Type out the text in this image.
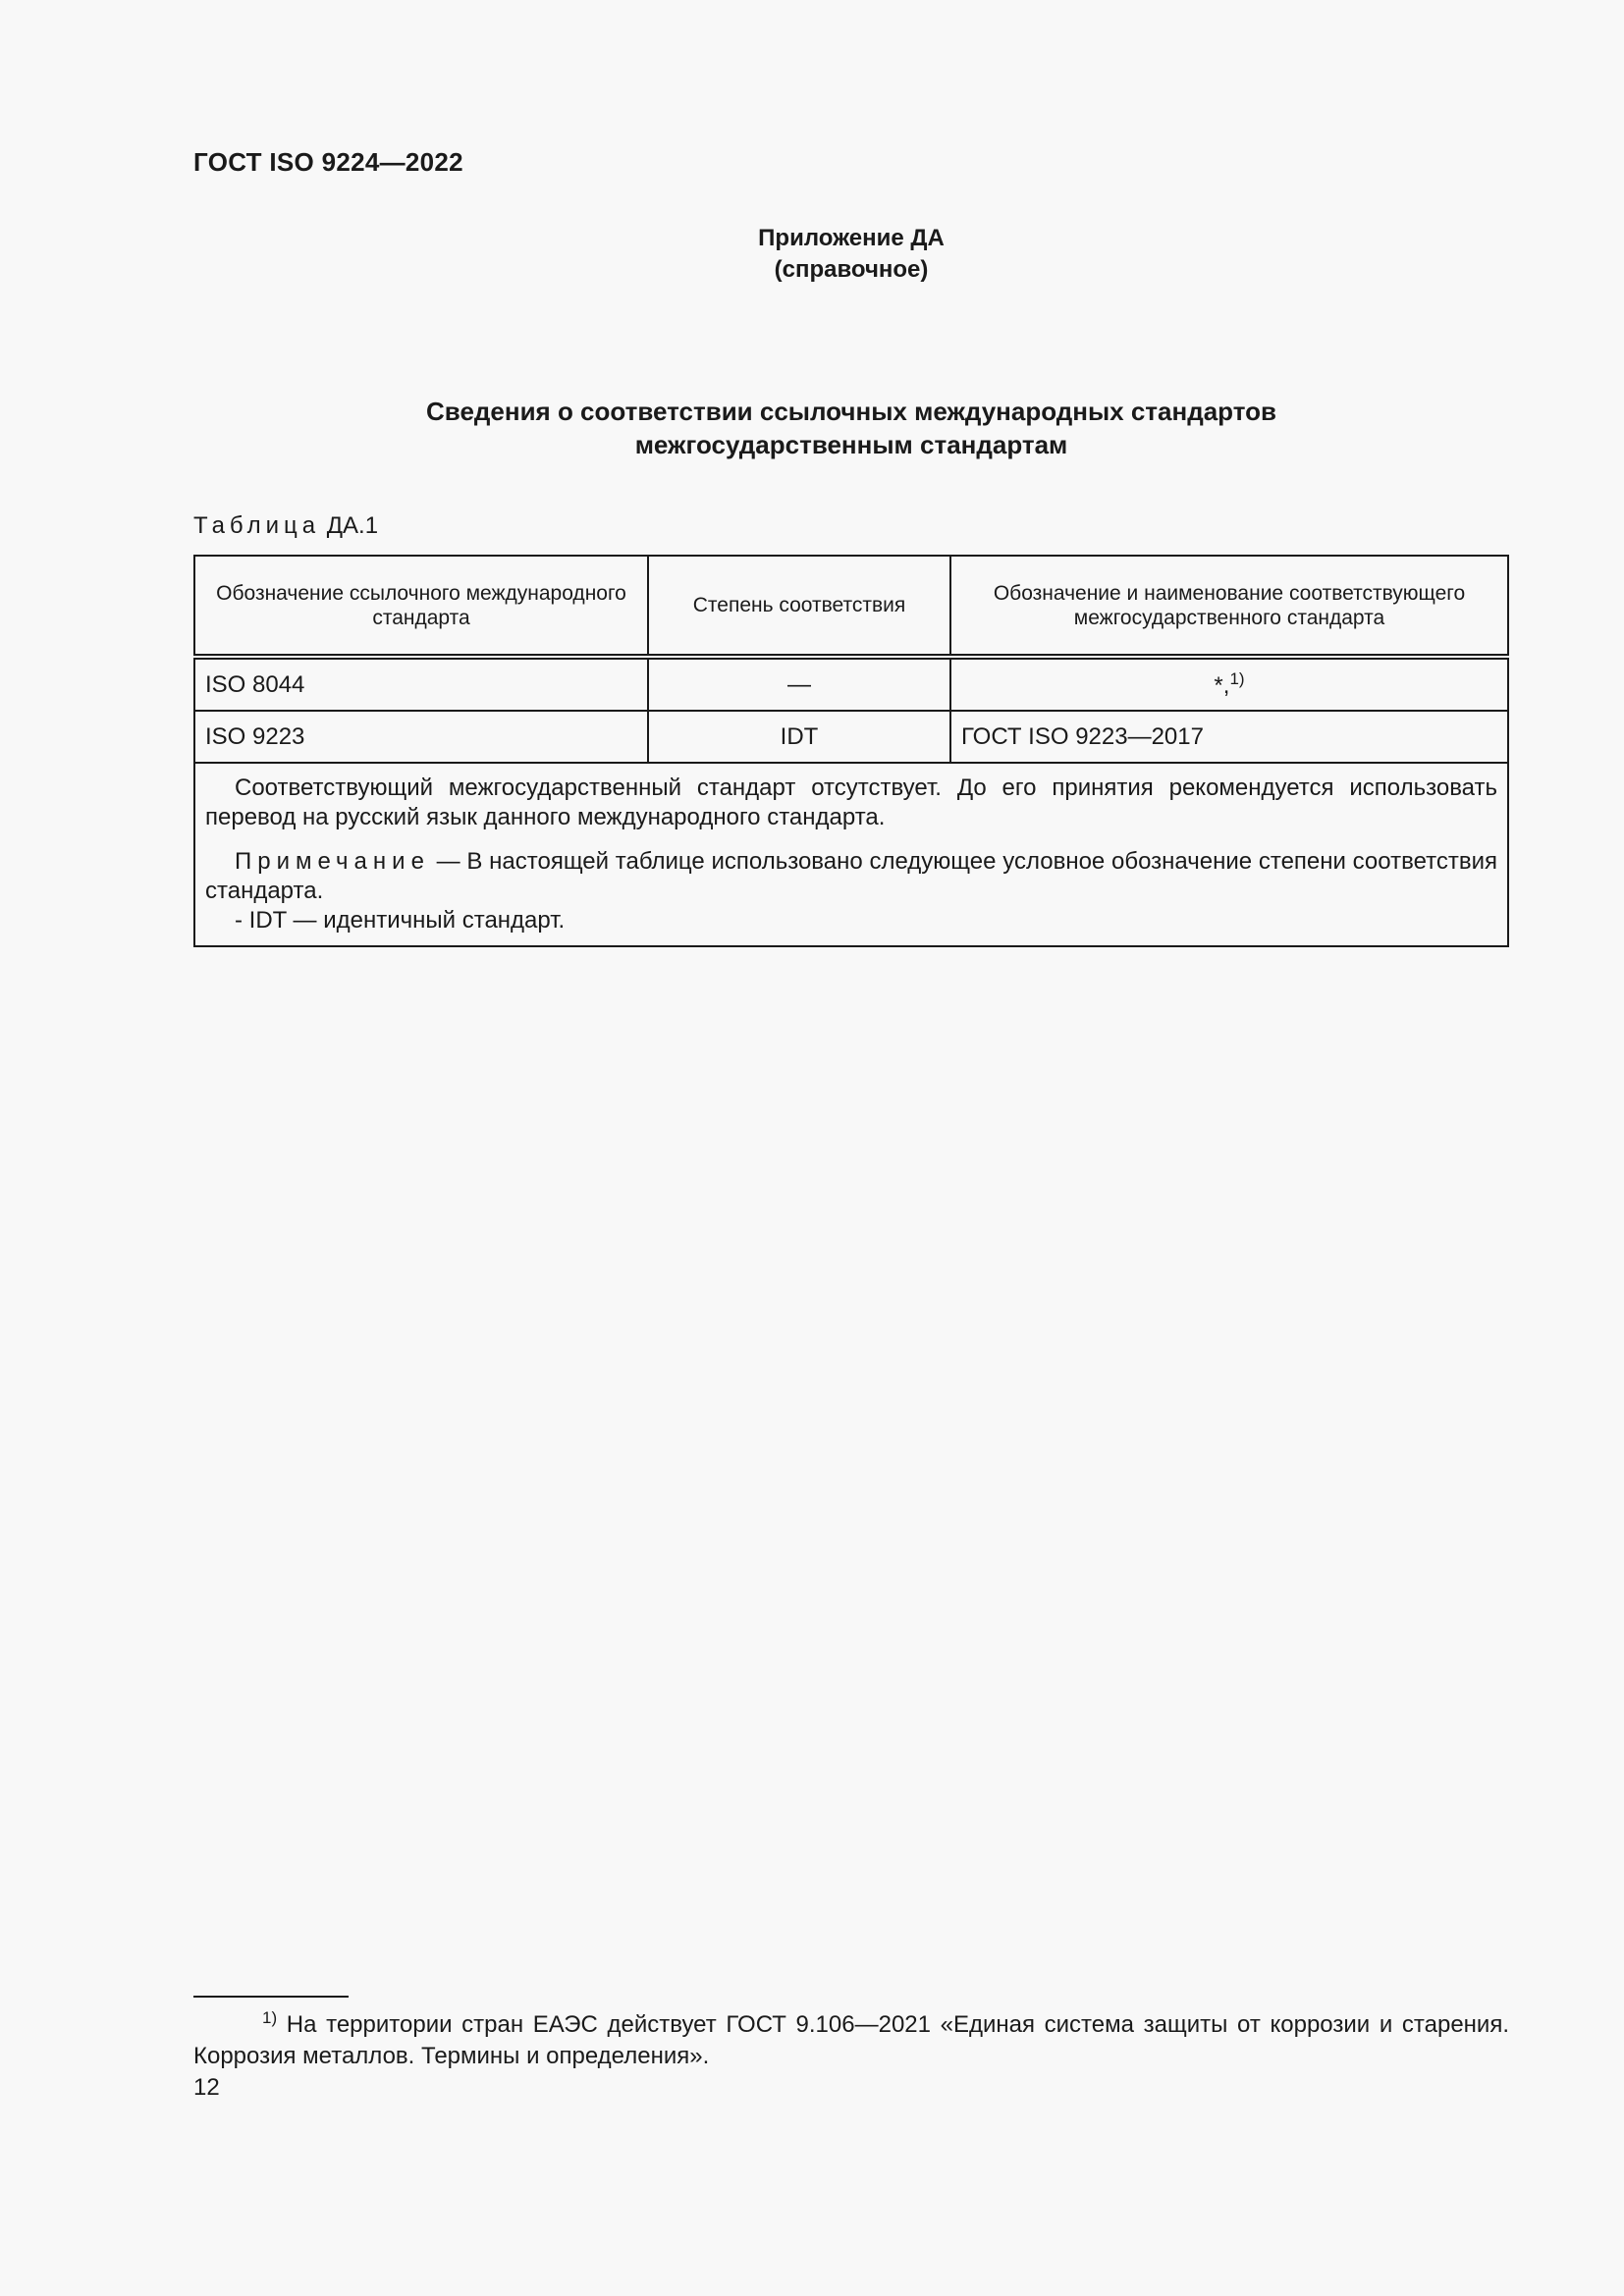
ГОСТ ISO 9224—2022
Приложение ДА
(справочное)
Сведения о соответствии ссылочных международных стандартов
межгосударственным стандартам
Таблица ДА.1
Обозначение ссылочного международного стандарта	Степень соответствия	Обозначение и наименование соответствующего межгосударственного стандарта
ISO 8044	—	*,$^{1)}$
ISO 9223	IDT	ГОСТ ISO 9223—2017

Соответствующий межгосударственный стандарт отсутствует. До его принятия рекомендуется использовать перевод на русский язык данного международного стандарта.

Примечание — В настоящей таблице использовано следующее условное обозначение степени соответствия стандарта.

- IDT — идентичный стандарт.		

$^{1)}$ На территории стран ЕАЭС действует ГОСТ 9.106—2021 «Единая система защиты от коррозии и старения. Коррозия металлов. Термины и определения».
12
